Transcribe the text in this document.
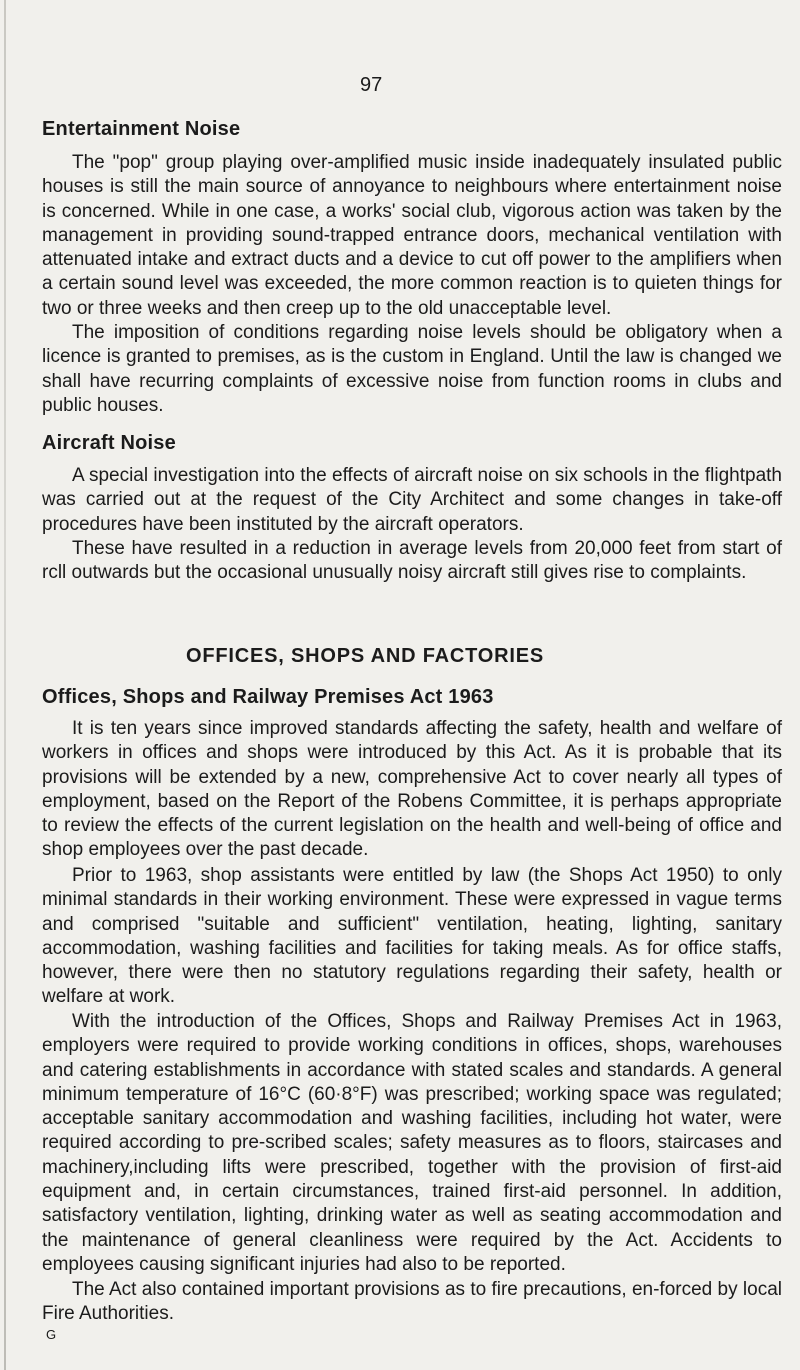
97
Entertainment Noise

The "pop" group playing over-amplified music inside inadequately insulated public houses is still the main source of annoyance to neighbours where entertainment noise is concerned. While in one case, a works' social club, vigorous action was taken by the management in providing sound-trapped entrance doors, mechanical ventilation with attenuated intake and extract ducts and a device to cut off power to the amplifiers when a certain sound level was exceeded, the more common reaction is to quieten things for two or three weeks and then creep up to the old unacceptable level.

The imposition of conditions regarding noise levels should be obligatory when a licence is granted to premises, as is the custom in England. Until the law is changed we shall have recurring complaints of excessive noise from function rooms in clubs and public houses.

Aircraft Noise

A special investigation into the effects of aircraft noise on six schools in the flightpath was carried out at the request of the City Architect and some changes in take-off procedures have been instituted by the aircraft operators.

These have resulted in a reduction in average levels from 20,000 feet from start of rcll outwards but the occasional unusually noisy aircraft still gives rise to complaints.

OFFICES, SHOPS AND FACTORIES
Offices, Shops and Railway Premises Act 1963

It is ten years since improved standards affecting the safety, health and welfare of workers in offices and shops were introduced by this Act. As it is probable that its provisions will be extended by a new, comprehensive Act to cover nearly all types of employment, based on the Report of the Robens Committee, it is perhaps appropriate to review the effects of the current legislation on the health and well-being of office and shop employees over the past decade.

Prior to 1963, shop assistants were entitled by law (the Shops Act 1950) to only minimal standards in their working environment. These were expressed in vague terms and comprised "suitable and sufficient" ventilation, heating, lighting, sanitary accommodation, washing facilities and facilities for taking meals. As for office staffs, however, there were then no statutory regulations regarding their safety, health or welfare at work.

With the introduction of the Offices, Shops and Railway Premises Act in 1963, employers were required to provide working conditions in offices, shops, warehouses and catering establishments in accordance with stated scales and standards. A general minimum temperature of 16°C (60·8°F) was prescribed; working space was regulated; acceptable sanitary accommodation and washing facilities, including hot water, were required according to pre-scribed scales; safety measures as to floors, staircases and machinery,including lifts were prescribed, together with the provision of first-aid equipment and, in certain circumstances, trained first-aid personnel. In addition, satisfactory ventilation, lighting, drinking water as well as seating accommodation and the maintenance of general cleanliness were required by the Act. Accidents to employees causing significant injuries had also to be reported.

The Act also contained important provisions as to fire precautions, en-forced by local Fire Authorities.

G
